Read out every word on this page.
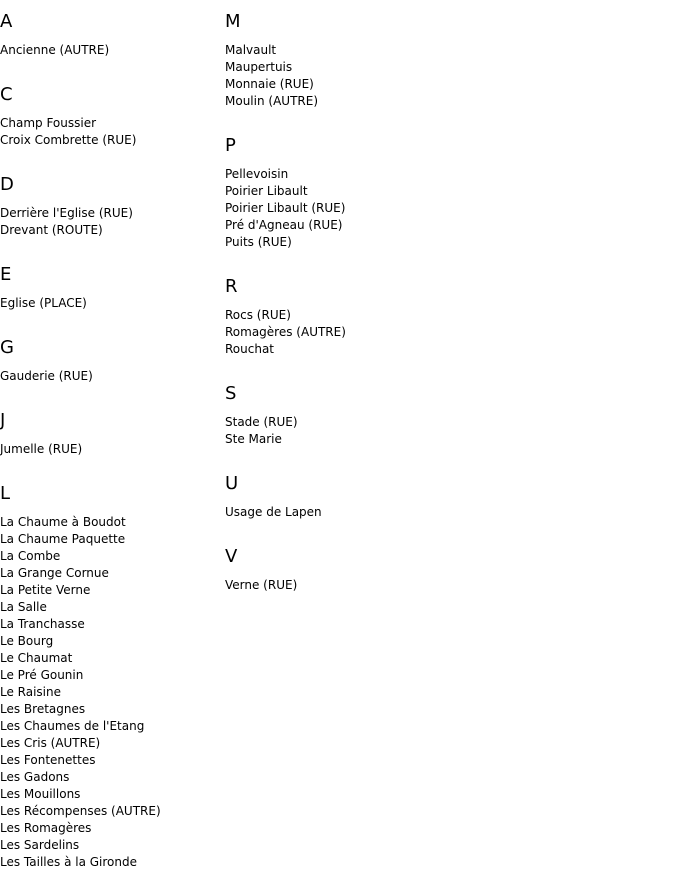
A
Ancienne (AUTRE)
C
Champ Foussier
Croix Combrette (RUE)
D
Derrière l'Eglise (RUE)
Drevant (ROUTE)
E
Eglise (PLACE)
G
Gauderie (RUE)
J
Jumelle (RUE)
L
La Chaume à Boudot
La Chaume Paquette
La Combe
La Grange Cornue
La Petite Verne
La Salle
La Tranchasse
Le Bourg
Le Chaumat
Le Pré Gounin
Le Raisine
Les Bretagnes
Les Chaumes de l'Etang
Les Cris (AUTRE)
Les Fontenettes
Les Gadons
Les Mouillons
Les Récompenses (AUTRE)
Les Romagères
Les Sardelins
Les Tailles à la Gironde
M
Malvault
Maupertuis
Monnaie (RUE)
Moulin (AUTRE)
P
Pellevoisin
Poirier Libault
Poirier Libault (RUE)
Pré d'Agneau (RUE)
Puits (RUE)
R
Rocs (RUE)
Romagères (AUTRE)
Rouchat
S
Stade (RUE)
Ste Marie
U
Usage de Lapen
V
Verne (RUE)
